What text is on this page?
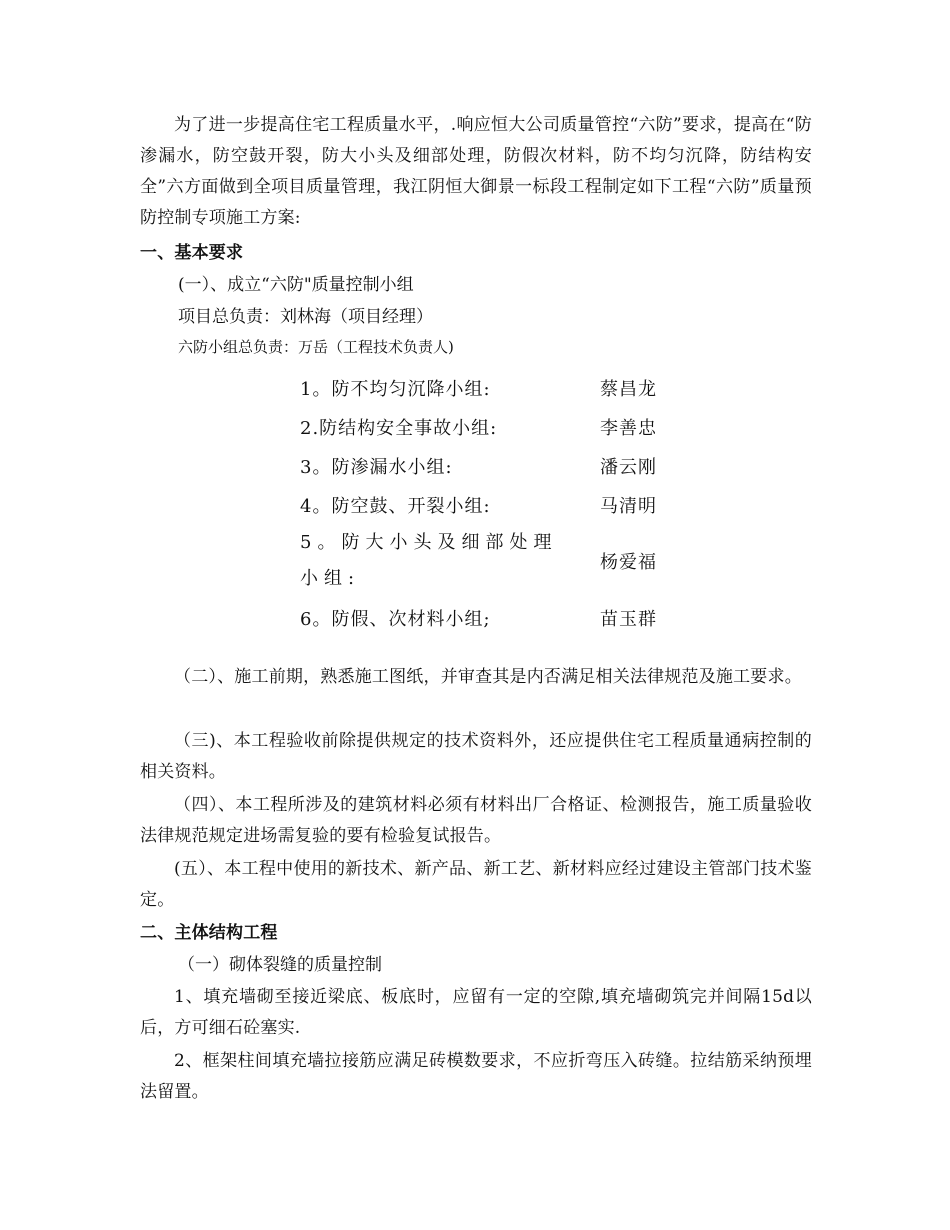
为了进一步提高住宅工程质量水平，.响应恒大公司质量管控“六防”要求，提高在“防渗漏水，防空鼓开裂，防大小头及细部处理，防假次材料，防不均匀沉降，防结构安全”六方面做到全项目质量管理，我江阴恒大御景一标段工程制定如下工程“六防”质量预防控制专项施工方案:

一、基本要求

(一）、成立“六防"质量控制小组

项目总负责：刘林海（项目经理）

六防小组总负责：万岳（工程技术负责人)

1。防不均匀沉降小组:	蔡昌龙
2.防结构安全事故小组:	李善忠
3。防渗漏水小组:	潘云刚
4。防空鼓、开裂小组:	马清明
5。防大小头及细部处理小组:	杨爱福
6。防假、次材料小组;	苗玉群

（二）、施工前期，熟悉施工图纸，并审查其是内否满足相关法律规范及施工要求。

（三)、本工程验收前除提供规定的技术资料外，还应提供住宅工程质量通病控制的相关资料。

（四）、本工程所涉及的建筑材料必须有材料出厂合格证、检测报告，施工质量验收法律规范规定进场需复验的要有检验复试报告。

(五）、本工程中使用的新技术、新产品、新工艺、新材料应经过建设主管部门技术鉴定。

二、主体结构工程

（一）砌体裂缝的质量控制

1、填充墙砌至接近梁底、板底时，应留有一定的空隙,填充墙砌筑完并间隔15d以后，方可细石砼塞实.

2、框架柱间填充墙拉接筋应满足砖模数要求，不应折弯压入砖缝。拉结筋采纳预埋法留置。
